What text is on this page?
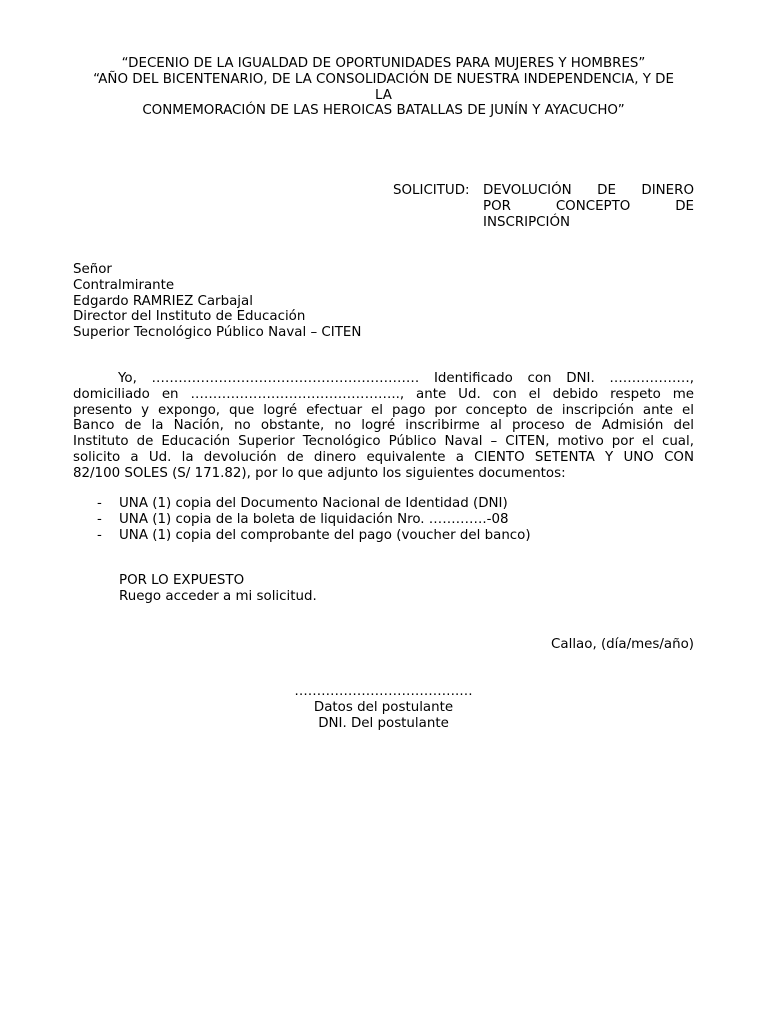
“DECENIO DE LA IGUALDAD DE OPORTUNIDADES PARA MUJERES Y HOMBRES”
“AÑO DEL BICENTENARIO, DE LA CONSOLIDACIÓN DE NUESTRA INDEPENDENCIA, Y DE
LA
CONMEMORACIÓN DE LAS HEROICAS BATALLAS DE JUNÍN Y AYACUCHO”
SOLICITUD:	DEVOLUCIÓN DE DINERO
POR CONCEPTO DE
INSCRIPCIÓN
Señor
Contralmirante
Edgardo RAMRIEZ Carbajal
Director del Instituto de Educación
Superior Tecnológico Público Naval – CITEN
Yo, …………………………………………………… Identificado con DNI. ………………,
domiciliado en ……………………………………….., ante Ud. con el debido respeto me
presento y expongo, que logré efectuar el pago por concepto de inscripción ante el
Banco de la Nación, no obstante, no logré inscribirme al proceso de Admisión del
Instituto de Educación Superior Tecnológico Público Naval – CITEN, motivo por el cual,
solicito a Ud. la devolución de dinero equivalente a CIENTO SETENTA Y UNO CON
82/100 SOLES (S/ 171.82), por lo que adjunto los siguientes documentos:
-	UNA (1) copia del Documento Nacional de Identidad (DNI)
-	UNA (1) copia de la boleta de liquidación Nro. ………….-08
-	UNA (1) copia del comprobante del pago (voucher del banco)
POR LO EXPUESTO
Ruego acceder a mi solicitud.
Callao, (día/mes/año)
……………………………….…
Datos del postulante
DNI. Del postulante
